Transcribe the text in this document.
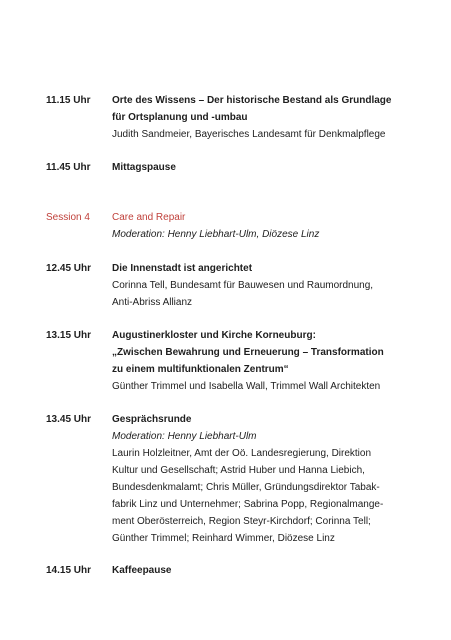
11.15 Uhr	Orte des Wissens – Der historische Bestand als Grundlage
für Ortsplanung und -umbau
Judith Sandmeier, Bayerisches Landesamt für Denkmalpflege
11.45 Uhr	Mittagspause
Session 4	Care and Repair
Moderation: Henny Liebhart-Ulm, Diözese Linz
12.45 Uhr	Die Innenstadt ist angerichtet
Corinna Tell, Bundesamt für Bauwesen und Raumordnung,
Anti-Abriss Allianz
13.15 Uhr	Augustinerkloster und Kirche Korneuburg:
„Zwischen Bewahrung und Erneuerung – Transformation
zu einem multifunktionalen Zentrum“
Günther Trimmel und Isabella Wall, Trimmel Wall Architekten
13.45 Uhr	Gesprächsrunde
Moderation: Henny Liebhart-Ulm
Laurin Holzleitner, Amt der Oö. Landesregierung, Direktion
Kultur und Gesellschaft; Astrid Huber und Hanna Liebich,
Bundesdenkmalamt; Chris Müller, Gründungsdirektor Tabak-
fabrik Linz und Unternehmer; Sabrina Popp, Regionalmange-
ment Oberösterreich, Region Steyr-Kirchdorf; Corinna Tell;
Günther Trimmel; Reinhard Wimmer, Diözese Linz
14.15 Uhr	Kaffeepause
